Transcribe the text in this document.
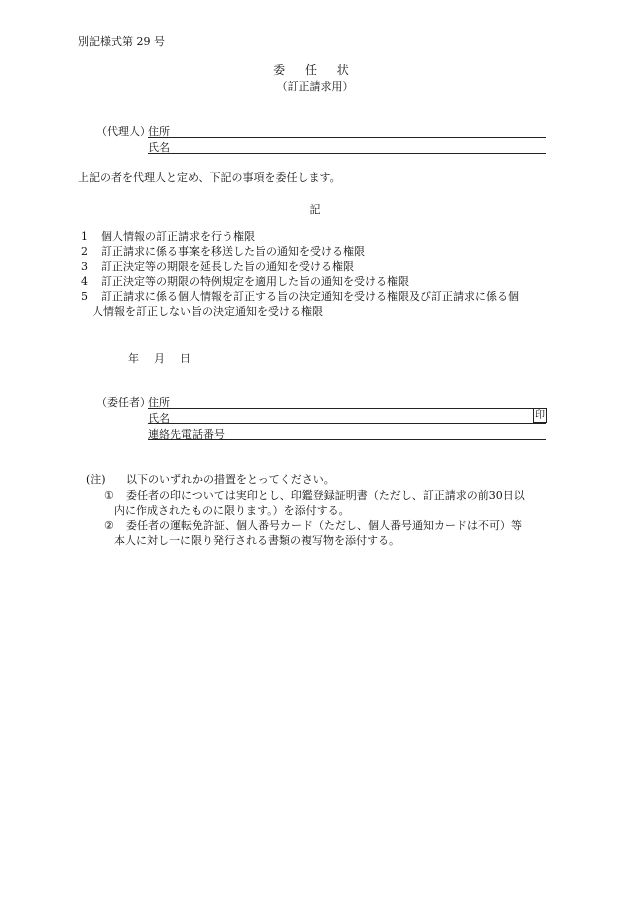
別記様式第 29 号
委 任 状
（訂正請求用）
（代理人）
住所
氏名
上記の者を代理人と定め、下記の事項を委任します。
記
1 個人情報の訂正請求を行う権限
2 訂正請求に係る事案を移送した旨の通知を受ける権限
3 訂正決定等の期限を延長した旨の通知を受ける権限
4 訂正決定等の期限の特例規定を適用した旨の通知を受ける権限
5 訂正請求に係る個人情報を訂正する旨の決定通知を受ける権限及び訂正請求に係る個
人情報を訂正しない旨の決定通知を受ける権限
年　月　日
（委任者）
住所
氏名	印
連絡先電話番号
(注) 以下のいずれかの措置をとってください。
① 委任者の印については実印とし、印鑑登録証明書（ただし、訂正請求の前30日以
内に作成されたものに限ります。）を添付する。
② 委任者の運転免許証、個人番号カード（ただし、個人番号通知カードは不可）等
本人に対し一に限り発行される書類の複写物を添付する。
